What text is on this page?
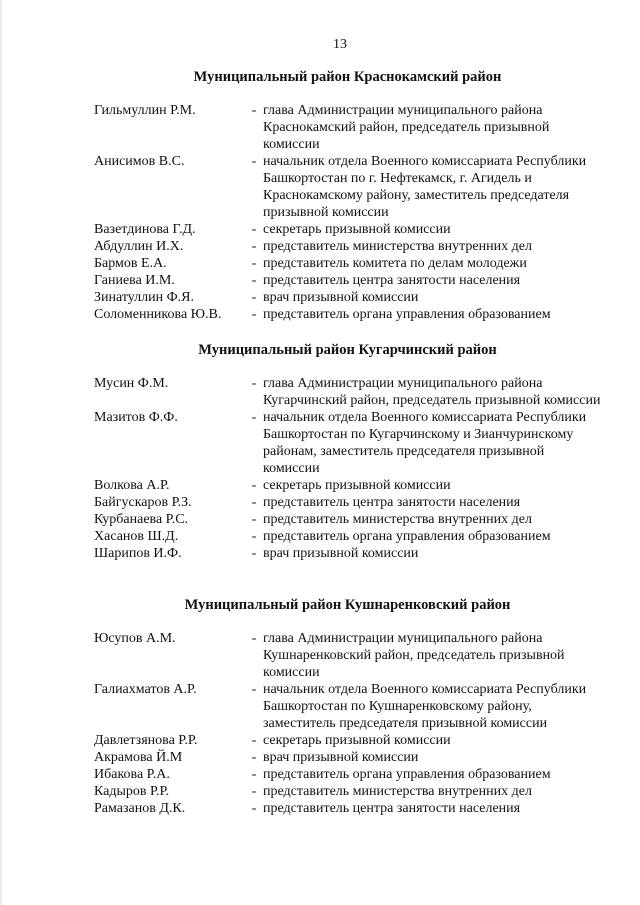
13
Муниципальный район Краснокамский район
Гильмуллин Р.М.	- глава Администрации муниципального района Краснокамский район, председатель призывной комиссии
Анисимов В.С.	- начальник отдела Военного комиссариата Республики Башкортостан по г. Нефтекамск, г. Агидель и Краснокамскому району, заместитель председателя призывной комиссии
Вазетдинова Г.Д.	- секретарь призывной комиссии
Абдуллин И.Х.	- представитель министерства внутренних дел
Бармов Е.А.	- представитель комитета по делам молодежи
Ганиева И.М.	- представитель центра занятости населения
Зинатуллин Ф.Я.	- врач призывной комиссии
Соломенникова Ю.В.	- представитель органа управления образованием
Муниципальный район Кугарчинский район
Мусин Ф.М.	- глава Администрации муниципального района Кугарчинский район, председатель призывной комиссии
Мазитов Ф.Ф.	- начальник отдела Военного комиссариата Республики Башкортостан по Кугарчинскому и Зианчуринскому районам, заместитель председателя призывной комиссии
Волкова А.Р.	- секретарь призывной комиссии
Байгускаров Р.З.	- представитель центра занятости населения
Курбанаева Р.С.	- представитель министерства внутренних дел
Хасанов Ш.Д.	- представитель органа управления образованием
Шарипов И.Ф.	- врач призывной комиссии
Муниципальный район Кушнаренковский район
Юсупов А.М.	- глава Администрации муниципального района Кушнаренковский район, председатель призывной комиссии
Галиахматов А.Р.	- начальник отдела Военного комиссариата Республики Башкортостан по Кушнаренковскому району, заместитель председателя призывной комиссии
Давлетзянова Р.Р.	- секретарь призывной комиссии
Акрамова Й.М	- врач призывной комиссии
Ибакова Р.А.	- представитель органа управления образованием
Кадыров Р.Р.	- представитель министерства внутренних дел
Рамазанов Д.К.	- представитель центра занятости населения
